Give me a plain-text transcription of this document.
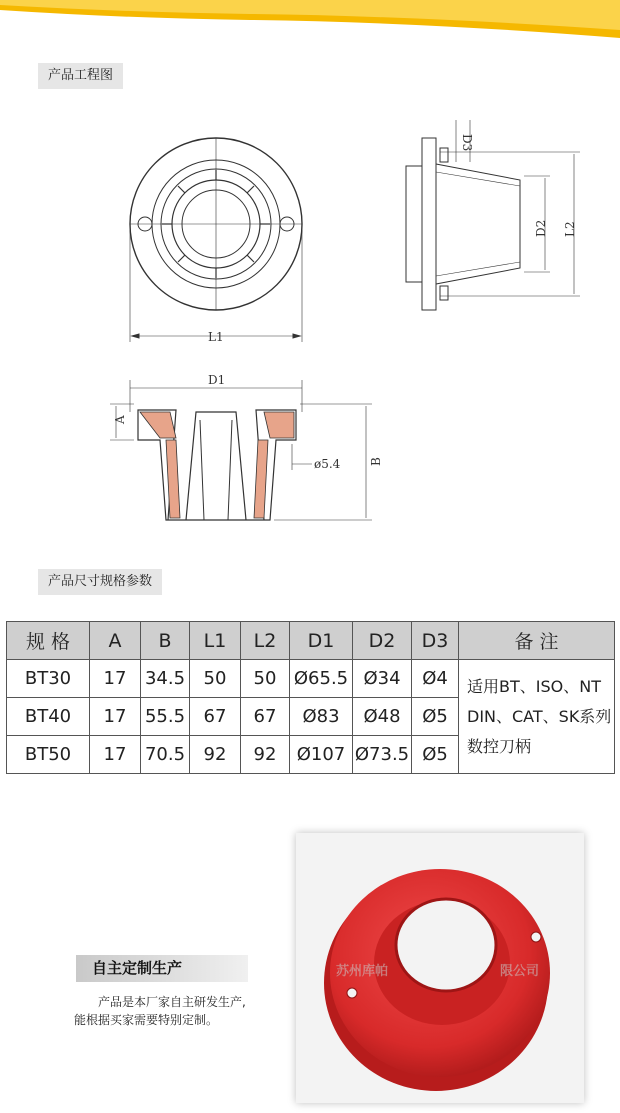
产品工程图
L1
D3
D2 L2
D1
A
ø5.4 B
产品尺寸规格参数
规 格	A	B	L1	L2	D1	D2	D3	备 注
BT30	17	34.5	50	50	Ø65.5	Ø34	Ø4	适用BT、ISO、NT
DIN、CAT、SK系列
数控刀柄

BT40	17	55.5	67	67	Ø83	Ø48	Ø5	
BT50	17	70.5	92	92	Ø107	Ø73.5	Ø5	
自主定制生产
产品是本厂家自主研发生产,
能根据买家需要特别定制。
苏州库帕	限公司
